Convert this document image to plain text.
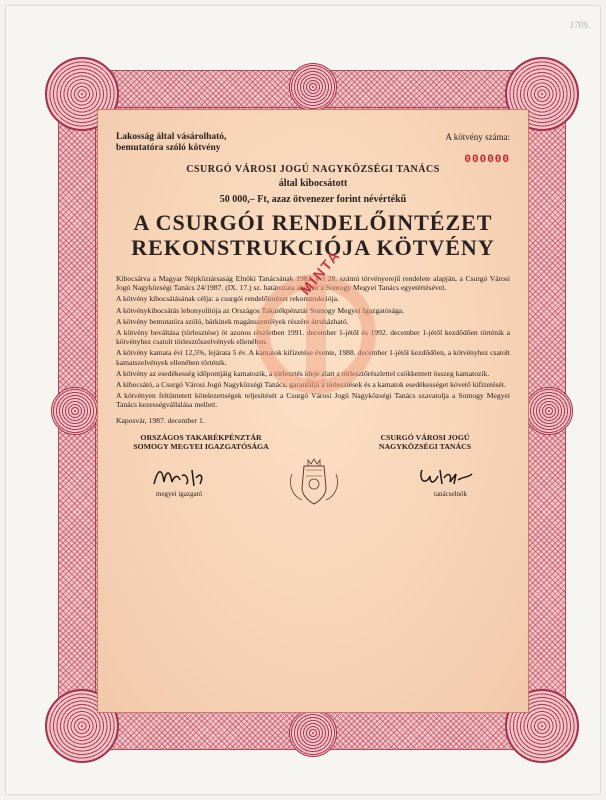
1709.
Lakosság által vásárolható,
bemutatóra szóló kötvény
A kötvény száma:
000000
CSURGÓ VÁROSI JOGÚ NAGYKÖZSÉGI TANÁCS
által kibocsátott
50 000,– Ft, azaz ötvenezer forint névértékű
A CSURGÓI RENDELŐINTÉZET
REKONSTRUKCIÓJA KÖTVÉNY
MINTA

Kibocsátva a Magyar Népköztársaság Elnöki Tanácsának 1982. évi 28. számú törvényerejű rendelete alapján, a Csurgó Városi Jogú Nagyközségi Tanács 24/1987. (IX. 17.) sz. határozata alapján a Somogy Megyei Tanács egyetértésével.

A kötvény kibocsátásának célja: a csurgói rendelőintézet rekonstrukciója.

A kötvénykibocsátás lebonyolítója az Országos Takarékpénztár Somogy Megyei Igazgatósága.

A kötvény bemutatóra szóló, bárkinek magánszemélyek részére átruházható.

A kötvény beváltása (törlesztése) öt azonos részletben 1991. december 1-jétől és 1992. december 1-jétől kezdődően történik a kötvényhez csatolt törlesztőszelvények ellenében.

A kötvény kamata évi 12,5%, lejárata 5 év. A kamatok kifizetése évente, 1988. december 1-jétől kezdődően, a kötvényhez csatolt kamatszelvények ellenében történik.

A kötvény az esedékesség időpontjáig kamatozik, a törlesztés ideje alatt a törlesztőrészlettel csökkentett összeg kamatozik.

A kibocsátó, a Csurgó Városi Jogú Nagyközségi Tanács, garantálja a törlesztések és a kamatok esedékességet követő kifizetését.

A kötvényen feltüntetett kötelezettségek teljesítését a Csurgó Városi Jogú Nagyközségi Tanács szavatolja a Somogy Megyei Tanács kezességvállalása mellett.

Kaposvár, 1987. december 1.
ORSZÁGOS TAKARÉKPÉNZTÁR
SOMOGY MEGYEI IGAZGATÓSÁGA
CSURGÓ VÁROSI JOGÚ
NAGYKÖZSÉGI TANÁCS
megyei igazgató	tanácselnök
